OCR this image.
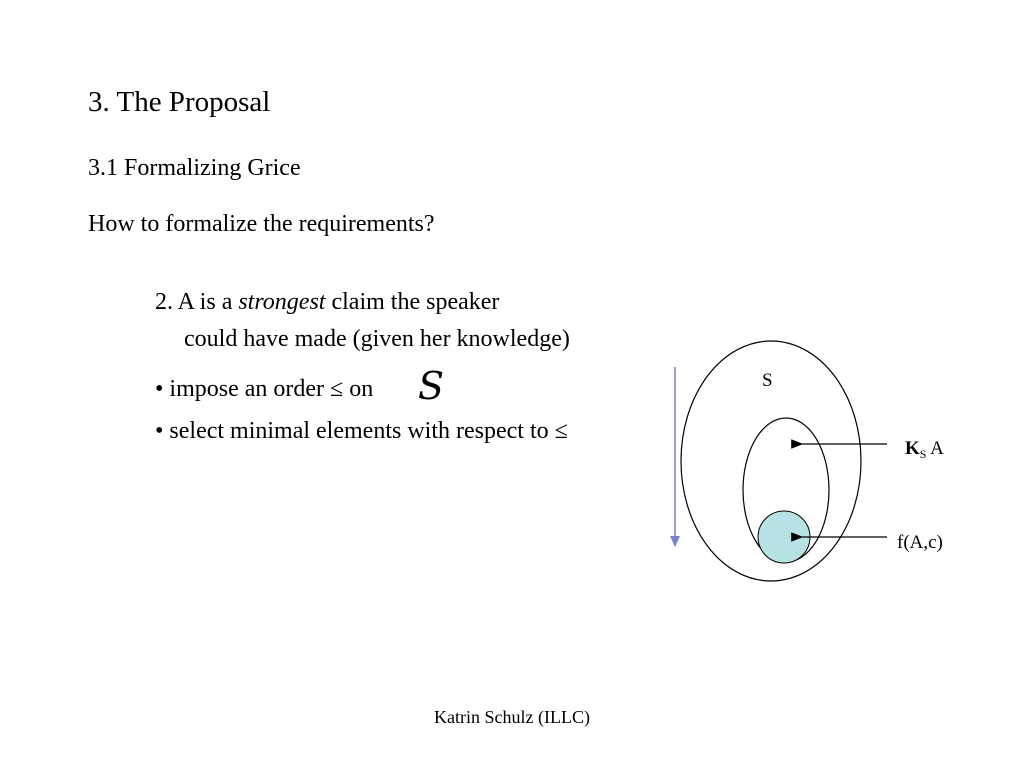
3. The Proposal
3.1 Formalizing Grice
How to formalize the requirements?
2. A is a strongest claim the speaker
could have made (given her knowledge)
• impose an order ≤ on S
• select minimal elements with respect to ≤
S
$K_S$ A
f(A,c)
Katrin Schulz (ILLC)
